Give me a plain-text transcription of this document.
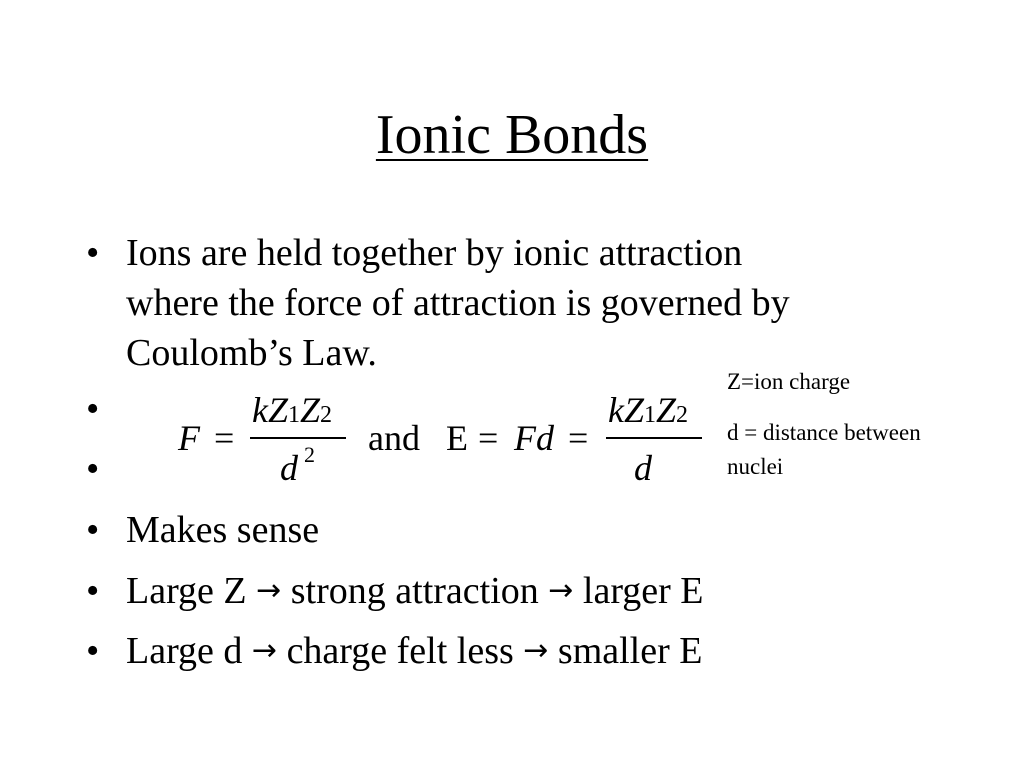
Ionic Bonds
• Ions are held together by ionic attraction
where the force of attraction is governed by
Coulomb’s Law.
•
•
F =
kZ1Z2
d 2 and E = Fd =
kZ1Z2
d
Z=ion charge
d = distance between
nuclei
• Makes sense
• Large Z → strong attraction → larger E
• Large d → charge felt less → smaller E
